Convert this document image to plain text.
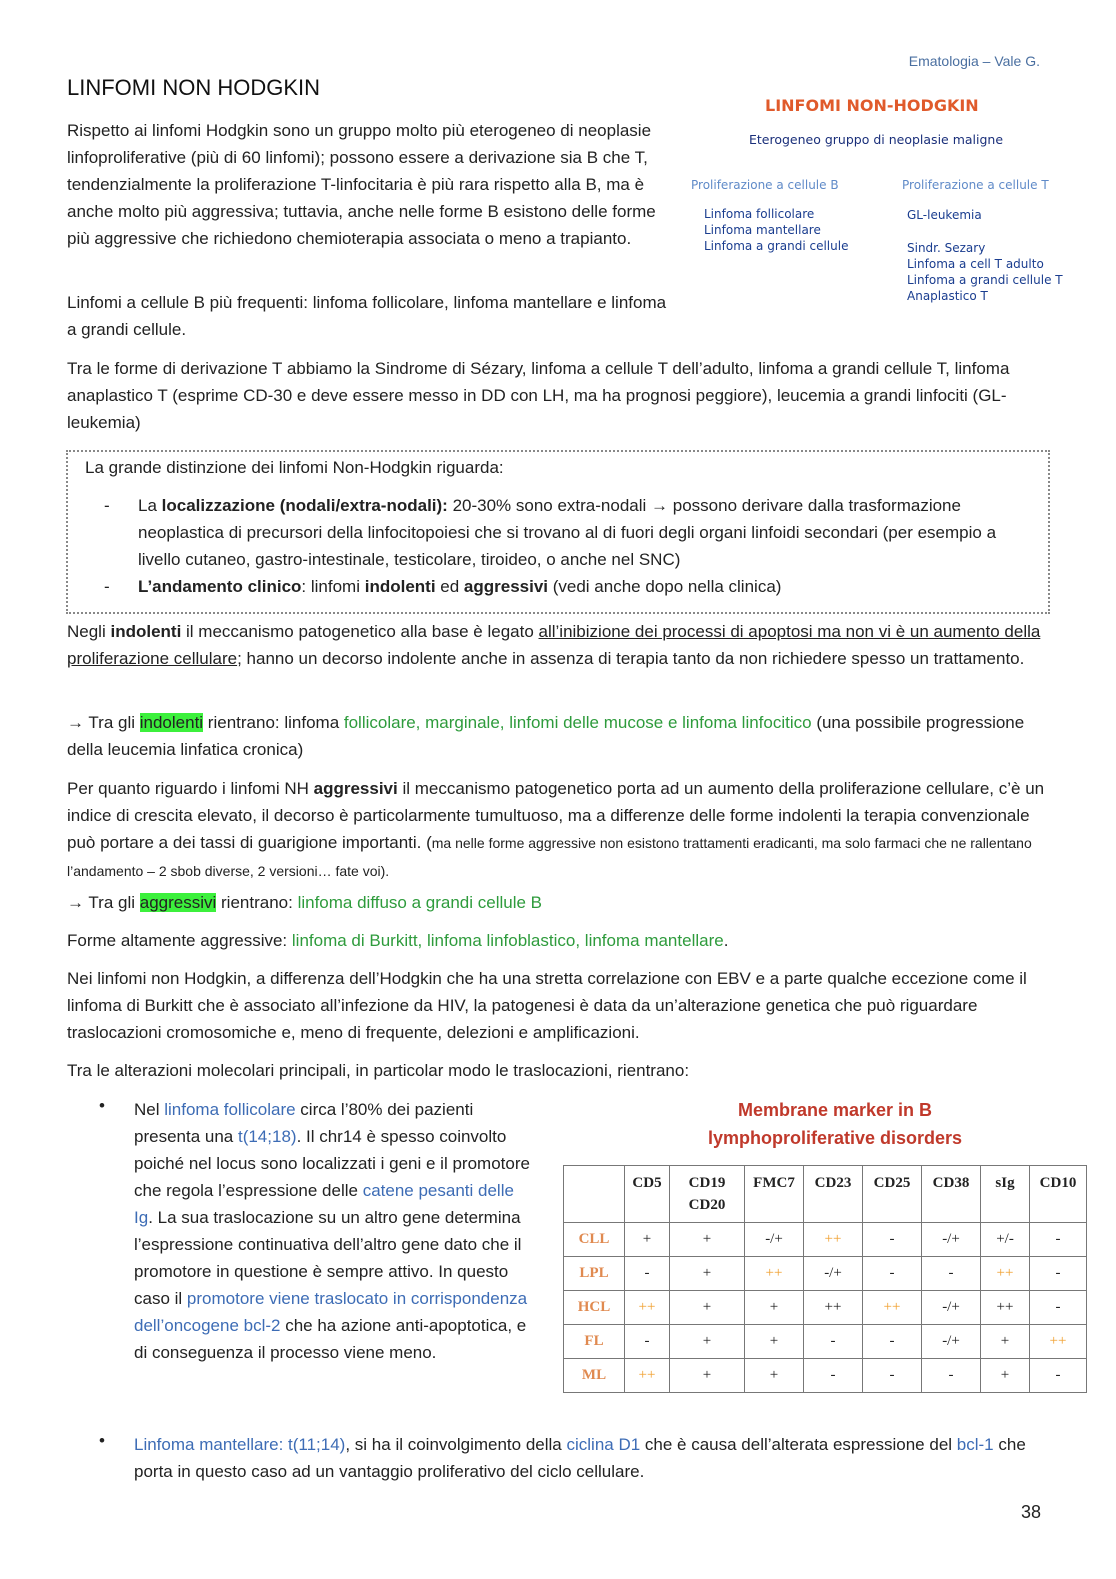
Ematologia – Vale G.
LINFOMI NON HODGKIN

Rispetto ai linfomi Hodgkin sono un gruppo molto più eterogeneo di neoplasie linfoproliferative (più di 60 linfomi); possono essere a derivazione sia B che T, tendenzialmente la proliferazione T-linfocitaria è più rara rispetto alla B, ma è anche molto più aggressiva; tuttavia, anche nelle forme B esistono delle forme più aggressive che richiedono chemioterapia associata o meno a trapianto.

Linfomi a cellule B più frequenti: linfoma follicolare, linfoma mantellare e linfoma a grandi cellule.

LINFOMI NON-HODGKIN
Eterogeneo gruppo di neoplasie maligne
Proliferazione a cellule B	Proliferazione a cellule T
Linfoma follicolare
Linfoma mantellare
Linfoma a grandi cellule
GL-leukemia
Sindr. Sezary
Linfoma a cell T adulto
Linfoma a grandi cellule T
Anaplastico T

Tra le forme di derivazione T abbiamo la Sindrome di Sézary, linfoma a cellule T dell’adulto, linfoma a grandi cellule T, linfoma anaplastico T (esprime CD-30 e deve essere messo in DD con LH, ma ha prognosi peggiore), leucemia a grandi linfociti (GL-leukemia)

La grande distinzione dei linfomi Non-Hodgkin riguarda:

- La localizzazione (nodali/extra-nodali): 20-30% sono extra-nodali → possono derivare dalla trasformazione neoplastica di precursori della linfocitopoiesi che si trovano al di fuori degli organi linfoidi secondari (per esempio a livello cutaneo, gastro-intestinale, testicolare, tiroideo, o anche nel SNC)
- L’andamento clinico: linfomi indolenti ed aggressivi (vedi anche dopo nella clinica)

Negli indolenti il meccanismo patogenetico alla base è legato all’inibizione dei processi di apoptosi ma non vi è un aumento della proliferazione cellulare; hanno un decorso indolente anche in assenza di terapia tanto da non richiedere spesso un trattamento.

→ Tra gli indolenti rientrano: linfoma follicolare, marginale, linfomi delle mucose e linfoma linfocitico (una possibile progressione della leucemia linfatica cronica)

Per quanto riguardo i linfomi NH aggressivi il meccanismo patogenetico porta ad un aumento della proliferazione cellulare, c’è un indice di crescita elevato, il decorso è particolarmente tumultuoso, ma a differenze delle forme indolenti la terapia convenzionale può portare a dei tassi di guarigione importanti. (ma nelle forme aggressive non esistono trattamenti eradicanti, ma solo farmaci che ne rallentano l’andamento – 2 sbob diverse, 2 versioni… fate voi).

→ Tra gli aggressivi rientrano: linfoma diffuso a grandi cellule B

Forme altamente aggressive: linfoma di Burkitt, linfoma linfoblastico, linfoma mantellare.

Nei linfomi non Hodgkin, a differenza dell’Hodgkin che ha una stretta correlazione con EBV e a parte qualche eccezione come il linfoma di Burkitt che è associato all’infezione da HIV, la patogenesi è data da un’alterazione genetica che può riguardare traslocazioni cromosomiche e, meno di frequente, delezioni e amplificazioni.

Tra le alterazioni molecolari principali, in particolar modo le traslocazioni, rientrano:

•	Nel linfoma follicolare circa l’80% dei pazienti presenta una t(14;18). Il chr14 è spesso coinvolto poiché nel locus sono localizzati i geni e il promotore che regola l’espressione delle catene pesanti delle Ig. La sua traslocazione su un altro gene determina l’espressione continuativa dell’altro gene dato che il promotore in questione è sempre attivo. In questo caso il promotore viene traslocato in corrispondenza dell’oncogene bcl-2 che ha azione anti-apoptotica, e di conseguenza il processo viene meno.

Membrane marker in B
lymphoproliferative disorders
	CD5	CD19 CD20	FMC7	CD23	CD25	CD38	sIg	CD10
CLL	+	+	-/+	++	-	-/+	+/-	-
LPL	-	+	++	-/+	-	-	++	-
HCL	++	+	+	++	++	-/+	++	-
FL	-	+	+	-	-	-/+	+	++
ML	++	+	+	-	-	-	+	-
•	Linfoma mantellare: t(11;14), si ha il coinvolgimento della ciclina D1 che è causa dell’alterata espressione del bcl-1 che porta in questo caso ad un vantaggio proliferativo del ciclo cellulare.

38
